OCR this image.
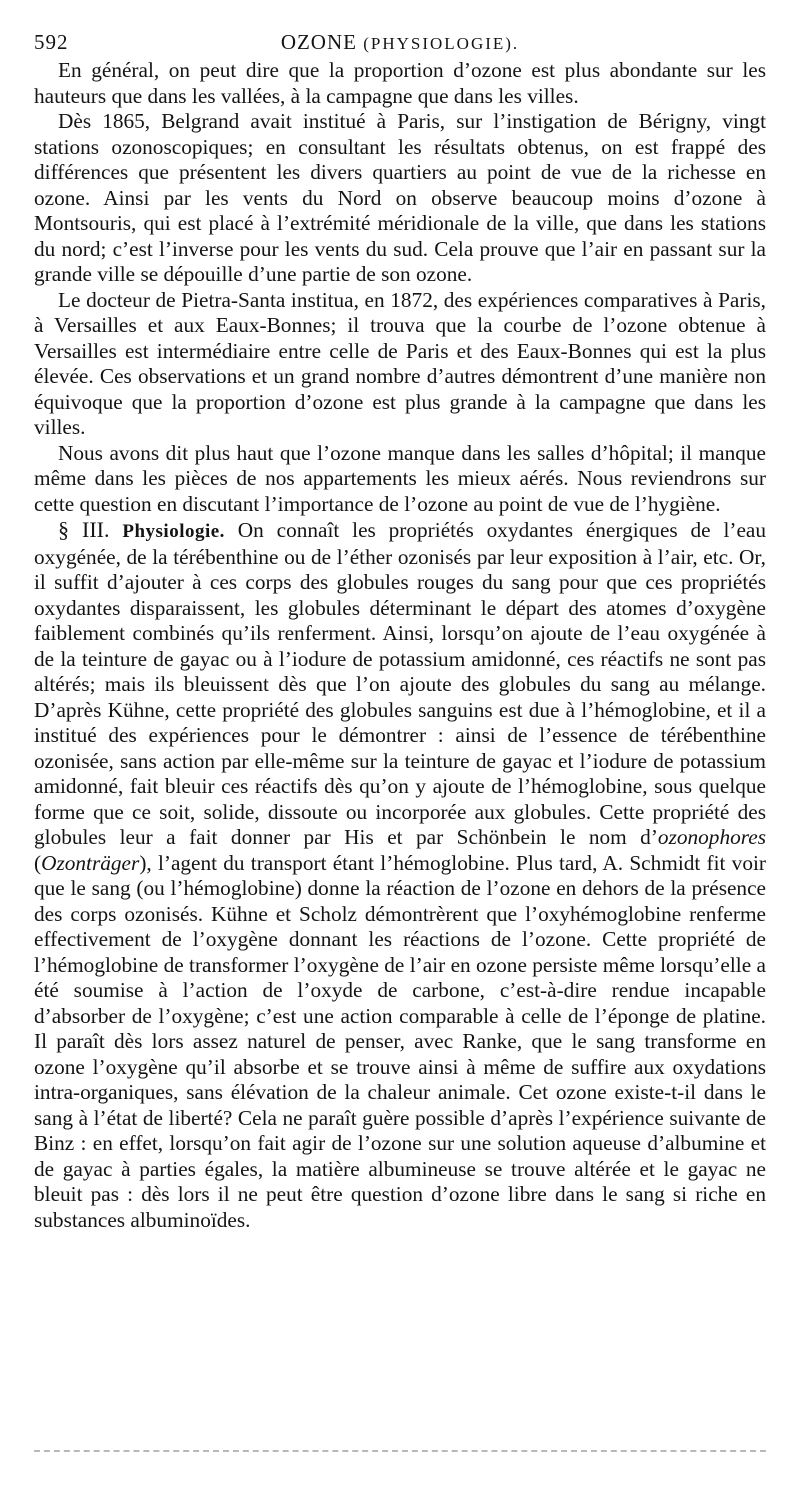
592	OZONE (PHYSIOLOGIE).

En général, on peut dire que la proportion d’ozone est plus abondante sur les hauteurs que dans les vallées, à la campagne que dans les villes.

Dès 1865, Belgrand avait institué à Paris, sur l’instigation de Bérigny, vingt stations ozonoscopiques; en consultant les résultats obtenus, on est frappé des différences que présentent les divers quartiers au point de vue de la richesse en ozone. Ainsi par les vents du Nord on observe beaucoup moins d’ozone à Montsouris, qui est placé à l’extrémité méridionale de la ville, que dans les stations du nord; c’est l’inverse pour les vents du sud. Cela prouve que l’air en passant sur la grande ville se dépouille d’une partie de son ozone.

Le docteur de Pietra-Santa institua, en 1872, des expériences comparatives à Paris, à Versailles et aux Eaux-Bonnes; il trouva que la courbe de l’ozone obtenue à Versailles est intermédiaire entre celle de Paris et des Eaux-Bonnes qui est la plus élevée. Ces observations et un grand nombre d’autres démontrent d’une manière non équivoque que la proportion d’ozone est plus grande à la campagne que dans les villes.

Nous avons dit plus haut que l’ozone manque dans les salles d’hôpital; il manque même dans les pièces de nos appartements les mieux aérés. Nous reviendrons sur cette question en discutant l’importance de l’ozone au point de vue de l’hygiène.

§ III. Physiologie. On connaît les propriétés oxydantes énergiques de l’eau oxygénée, de la térébenthine ou de l’éther ozonisés par leur exposition à l’air, etc. Or, il suffit d’ajouter à ces corps des globules rouges du sang pour que ces propriétés oxydantes disparaissent, les globules déterminant le départ des atomes d’oxygène faiblement combinés qu’ils renferment. Ainsi, lorsqu’on ajoute de l’eau oxygénée à de la teinture de gayac ou à l’iodure de potassium amidonné, ces réactifs ne sont pas altérés; mais ils bleuissent dès que l’on ajoute des globules du sang au mélange. D’après Kühne, cette propriété des globules sanguins est due à l’hémoglobine, et il a institué des expériences pour le démontrer : ainsi de l’essence de térébenthine ozonisée, sans action par elle-même sur la teinture de gayac et l’iodure de potassium amidonné, fait bleuir ces réactifs dès qu’on y ajoute de l’hémoglobine, sous quelque forme que ce soit, solide, dissoute ou incorporée aux globules. Cette propriété des globules leur a fait donner par His et par Schönbein le nom d’ozonophores (Ozonträger), l’agent du transport étant l’hémoglobine. Plus tard, A. Schmidt fit voir que le sang (ou l’hémoglobine) donne la réaction de l’ozone en dehors de la présence des corps ozonisés. Kühne et Scholz démontrèrent que l’oxyhémoglobine renferme effectivement de l’oxygène donnant les réactions de l’ozone. Cette propriété de l’hémoglobine de transformer l’oxygène de l’air en ozone persiste même lorsqu’elle a été soumise à l’action de l’oxyde de carbone, c’est-à-dire rendue incapable d’absorber de l’oxygène; c’est une action comparable à celle de l’éponge de platine. Il paraît dès lors assez naturel de penser, avec Ranke, que le sang transforme en ozone l’oxygène qu’il absorbe et se trouve ainsi à même de suffire aux oxydations intra-organiques, sans élévation de la chaleur animale. Cet ozone existe-t-il dans le sang à l’état de liberté? Cela ne paraît guère possible d’après l’expérience suivante de Binz : en effet, lorsqu’on fait agir de l’ozone sur une solution aqueuse d’albumine et de gayac à parties égales, la matière albumineuse se trouve altérée et le gayac ne bleuit pas : dès lors il ne peut être question d’ozone libre dans le sang si riche en substances albuminoïdes.
